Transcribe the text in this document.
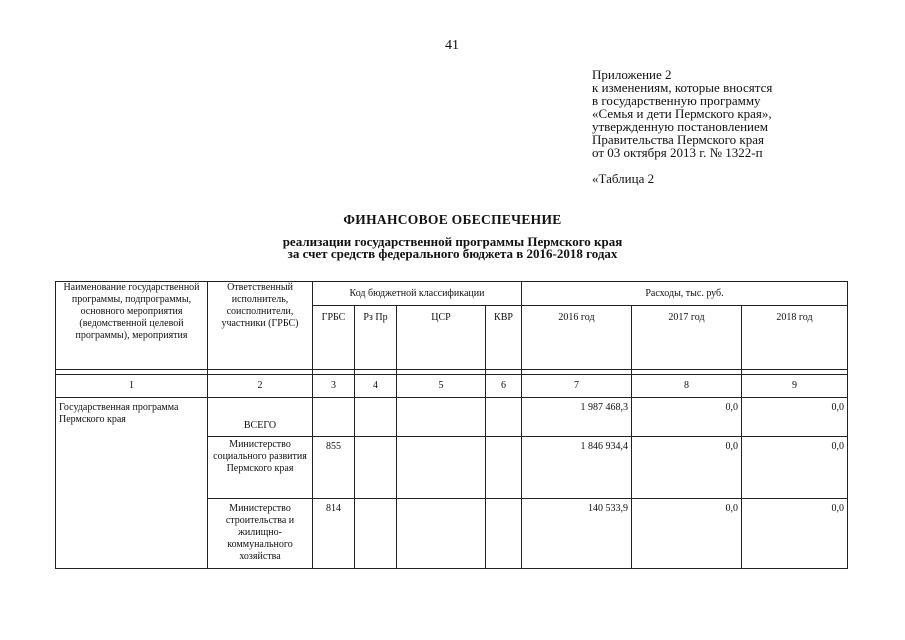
41
Приложение 2
к изменениям, которые вносятся
в государственную программу
«Семья и дети Пермского края»,
утвержденную постановлением
Правительства Пермского края
от 03 октября 2013 г. № 1322-п
«Таблица 2
ФИНАНСОВОЕ ОБЕСПЕЧЕНИЕ
реализации государственной программы Пермского края
за счет средств федерального бюджета в 2016-2018 годах
Наименование государственной программы, подпрограммы, основного мероприятия (ведомственной целевой программы), мероприятия	Ответственный исполнитель, соисполнители, участники (ГРБС)	Код бюджетной классификации				Расходы, тыс. руб.		
		ГРБС	Рз Пр	ЦСР	КВР	2016 год	2017 год	2018 год

1	2	3	4	5	6	7	8	9
Государственная программа Пермского края	ВСЕГО					1 987 468,3	0,0	0,0
	Министерство социального развития Пермского края	855				1 846 934,4	0,0	0,0
	Министерство строительства и жилищно-коммунального хозяйства	814				140 533,9	0,0	0,0
